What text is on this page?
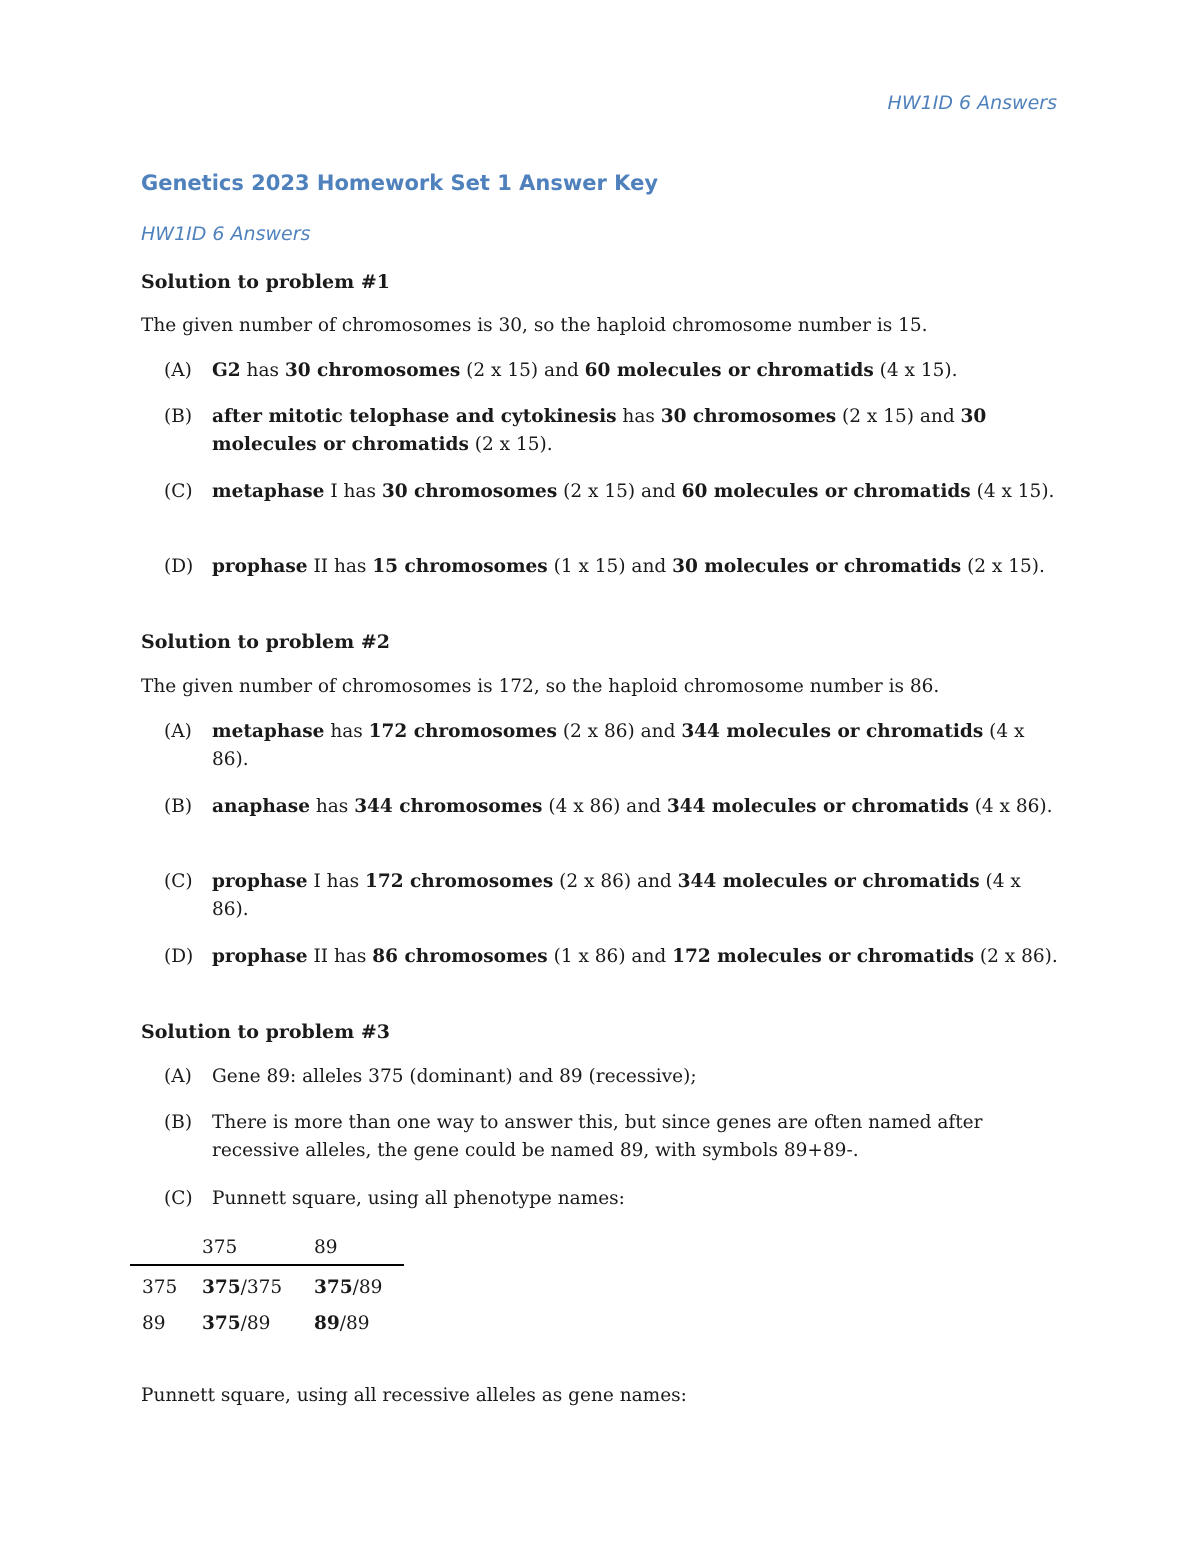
HW1ID 6 Answers
Genetics 2023 Homework Set 1 Answer Key
HW1ID 6 Answers
Solution to problem #1
The given number of chromosomes is 30, so the haploid chromosome number is 15.
(A) G2 has 30 chromosomes (2 x 15) and 60 molecules or chromatids (4 x 15).
(B) after mitotic telophase and cytokinesis has 30 chromosomes (2 x 15) and 30 molecules or chromatids (2 x 15).
(C) metaphase I has 30 chromosomes (2 x 15) and 60 molecules or chromatids (4 x 15).
(D) prophase II has 15 chromosomes (1 x 15) and 30 molecules or chromatids (2 x 15).
Solution to problem #2
The given number of chromosomes is 172, so the haploid chromosome number is 86.
(A) metaphase has 172 chromosomes (2 x 86) and 344 molecules or chromatids (4 x 86).
(B) anaphase has 344 chromosomes (4 x 86) and 344 molecules or chromatids (4 x 86).
(C) prophase I has 172 chromosomes (2 x 86) and 344 molecules or chromatids (4 x 86).
(D) prophase II has 86 chromosomes (1 x 86) and 172 molecules or chromatids (2 x 86).
Solution to problem #3
(A) Gene 89: alleles 375 (dominant) and 89 (recessive);
(B) There is more than one way to answer this, but since genes are often named after recessive alleles, the gene could be named 89, with symbols 89+89-.
(C) Punnett square, using all phenotype names:
	375	89
375	375/375	375/89
89	375/89	89/89
Punnett square, using all recessive alleles as gene names:
